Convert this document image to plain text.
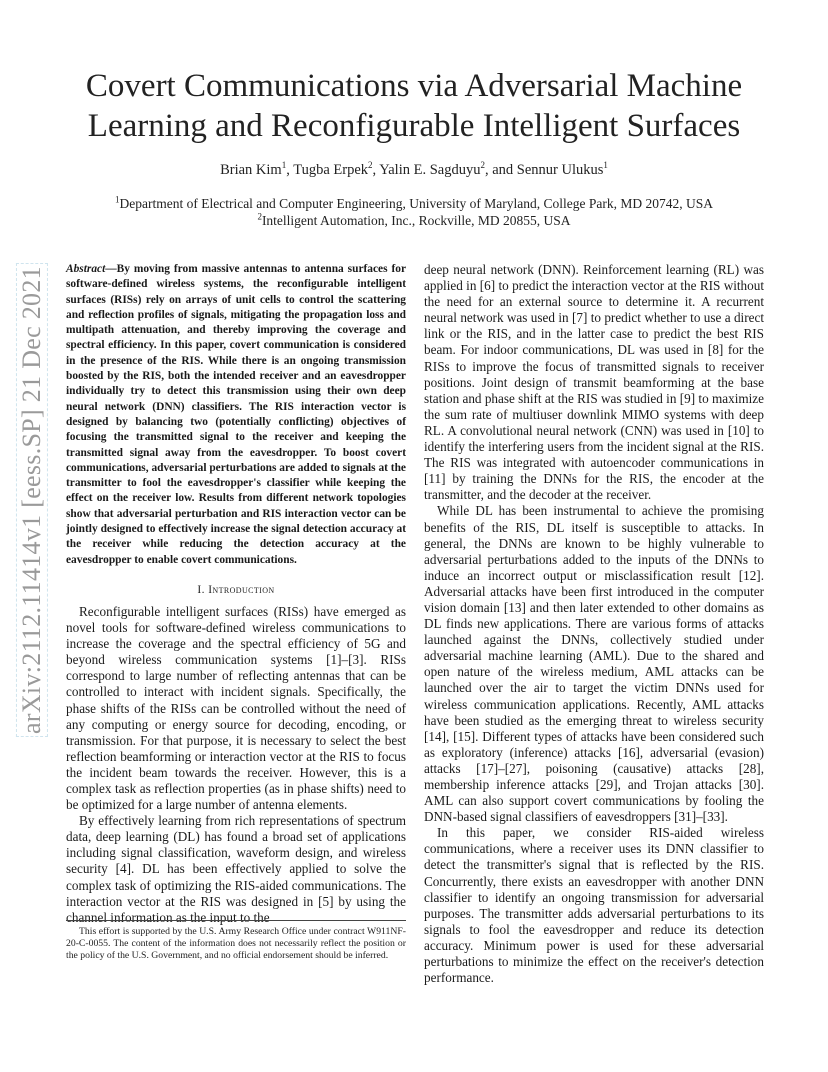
arXiv:2112.11414v1 [eess.SP] 21 Dec 2021
Covert Communications via Adversarial Machine
Learning and Reconfigurable Intelligent Surfaces
Brian Kim$^1$, Tugba Erpek$^2$, Yalin E. Sagduyu$^2$, and Sennur Ulukus$^1$
$^1$Department of Electrical and Computer Engineering, University of Maryland, College Park, MD 20742, USA
$^2$Intelligent Automation, Inc., Rockville, MD 20855, USA

Abstract—By moving from massive antennas to antenna surfaces for software-defined wireless systems, the reconfigurable intelligent surfaces (RISs) rely on arrays of unit cells to control the scattering and reflection profiles of signals, mitigating the propagation loss and multipath attenuation, and thereby improving the coverage and spectral efficiency. In this paper, covert communication is considered in the presence of the RIS. While there is an ongoing transmission boosted by the RIS, both the intended receiver and an eavesdropper individually try to detect this transmission using their own deep neural network (DNN) classifiers. The RIS interaction vector is designed by balancing two (potentially conflicting) objectives of focusing the transmitted signal to the receiver and keeping the transmitted signal away from the eavesdropper. To boost covert communications, adversarial perturbations are added to signals at the transmitter to fool the eavesdropper's classifier while keeping the effect on the receiver low. Results from different network topologies show that adversarial perturbation and RIS interaction vector can be jointly designed to effectively increase the signal detection accuracy at the receiver while reducing the detection accuracy at the eavesdropper to enable covert communications.

I. Introduction

Reconfigurable intelligent surfaces (RISs) have emerged as novel tools for software-defined wireless communications to increase the coverage and the spectral efficiency of 5G and beyond wireless communication systems [1]–[3]. RISs correspond to large number of reflecting antennas that can be controlled to interact with incident signals. Specifically, the phase shifts of the RISs can be controlled without the need of any computing or energy source for decoding, encoding, or transmission. For that purpose, it is necessary to select the best reflection beamforming or interaction vector at the RIS to focus the incident beam towards the receiver. However, this is a complex task as reflection properties (as in phase shifts) need to be optimized for a large number of antenna elements.

By effectively learning from rich representations of spectrum data, deep learning (DL) has found a broad set of applications including signal classification, waveform design, and wireless security [4]. DL has been effectively applied to solve the complex task of optimizing the RIS-aided communications. The interaction vector at the RIS was designed in [5] by using the channel information as the input to the

deep neural network (DNN). Reinforcement learning (RL) was applied in [6] to predict the interaction vector at the RIS without the need for an external source to determine it. A recurrent neural network was used in [7] to predict whether to use a direct link or the RIS, and in the latter case to predict the best RIS beam. For indoor communications, DL was used in [8] for the RISs to improve the focus of transmitted signals to receiver positions. Joint design of transmit beamforming at the base station and phase shift at the RIS was studied in [9] to maximize the sum rate of multiuser downlink MIMO systems with deep RL. A convolutional neural network (CNN) was used in [10] to identify the interfering users from the incident signal at the RIS. The RIS was integrated with autoencoder communications in [11] by training the DNNs for the RIS, the encoder at the transmitter, and the decoder at the receiver.

While DL has been instrumental to achieve the promising benefits of the RIS, DL itself is susceptible to attacks. In general, the DNNs are known to be highly vulnerable to adversarial perturbations added to the inputs of the DNNs to induce an incorrect output or misclassification result [12]. Adversarial attacks have been first introduced in the computer vision domain [13] and then later extended to other domains as DL finds new applications. There are various forms of attacks launched against the DNNs, collectively studied under adversarial machine learning (AML). Due to the shared and open nature of the wireless medium, AML attacks can be launched over the air to target the victim DNNs used for wireless communication applications. Recently, AML attacks have been studied as the emerging threat to wireless security [14], [15]. Different types of attacks have been considered such as exploratory (inference) attacks [16], adversarial (evasion) attacks [17]–[27], poisoning (causative) attacks [28], membership inference attacks [29], and Trojan attacks [30]. AML can also support covert communications by fooling the DNN-based signal classifiers of eavesdroppers [31]–[33].

In this paper, we consider RIS-aided wireless communications, where a receiver uses its DNN classifier to detect the transmitter's signal that is reflected by the RIS. Concurrently, there exists an eavesdropper with another DNN classifier to identify an ongoing transmission for adversarial purposes. The transmitter adds adversarial perturbations to its signals to fool the eavesdropper and reduce its detection accuracy. Minimum power is used for these adversarial perturbations to minimize the effect on the receiver's detection performance.

This effort is supported by the U.S. Army Research Office under contract W911NF-20-C-0055. The content of the information does not necessarily reflect the position or the policy of the U.S. Government, and no official endorsement should be inferred.
